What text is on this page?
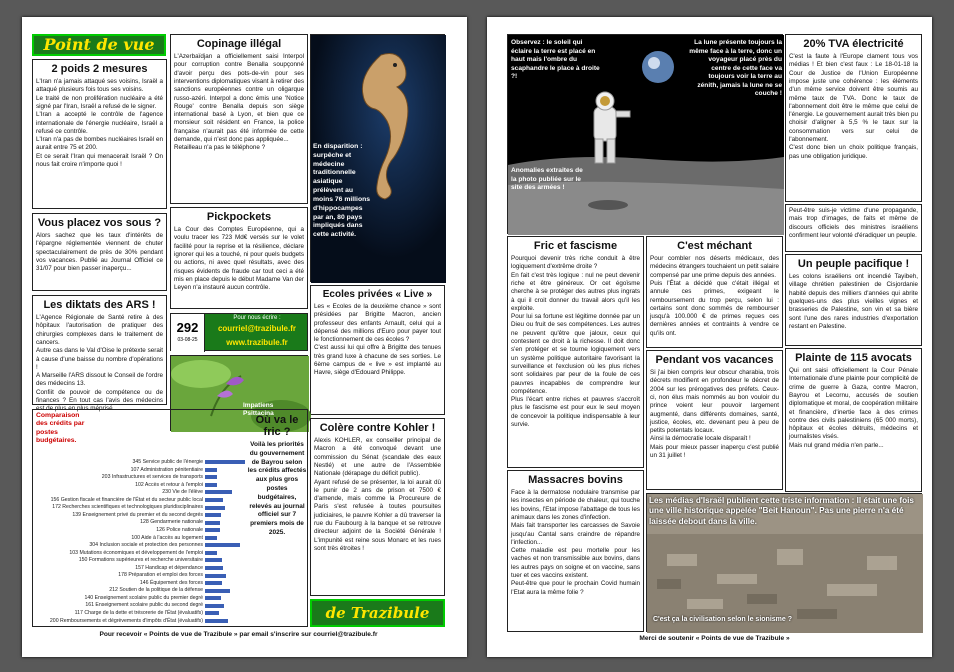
Point de vue
2 poids 2 mesures
L'Iran n'a jamais attaqué ses voisins, Israël a attaqué plusieurs fois tous ses voisins.
Le traité de non prolifération nucléaire a été signé par l'Iran, Israël a refusé de le signer.
L'Iran a accepté le contrôle de l'agence internationale de l'énergie nucléaire, Israël a refusé ce contrôle.
L'Iran n'a pas de bombes nucléaires Israël en aurait entre 75 et 200.
Et ce serait l'Iran qui menacerait Israël ? On nous fait croire n'importe quoi !
Vous placez vos sous ?
Alors sachez que les taux d'intérêts de l'épargne réglementée viennent de chuter spectaculairement de près de 30% pendant vos vacances. Publié au Journal Officiel ce 31/07 pour bien passer inaperçu...
Les diktats des ARS !
L'Agence Régionale de Santé retire à des hôpitaux l'autorisation de pratiquer des chirurgies complexes dans le traitement de cancers.
Autre cas dans le Val d'Oise le prétexte serait à cause d'une baisse du nombre d'opérations !
A Marseille l'ARS dissout le Conseil de l'ordre des médecins 13.
Confiit de pouvoir de compétence ou de finances ? En tout cas l'avis des médecins est de plus en plus méprisé.
Copinage illégal
L'Azerbaïdjan a officiellement saisi Interpol pour corruption contre Benalla soupçonné d'avoir perçu des pots-de-vin pour ses interventions diplomatiques visant à retirer des sanctions européennes contre un oligarque russo-azéri. Interpol a donc émis une 'Notice Rouge' contre Benalla depuis son siège international basé à Lyon, et bien que ce monsieur soit résident en France, la police française n'aurait pas été informée de cette demande, qui n'est donc pas appliquée...
Retailleau n'a pas le téléphone ?	En disparition : surpêche et médecine traditionnelle asiatique prélèvent au moins 76 millions d'hippocampes par an, 80 pays impliqués dans cette activité.
Pickpockets
La Cour des Comptes Européenne, qui a voulu tracer les 723 Md€ versés sur le volet facilité pour la reprise et la résilience, déclare ignorer qui les a touché, ni pour quels budgets ou actions, ni avec quel résultats, avec des risques évidents de fraude car tout ceci a été mis en place depuis le début Madame Van der Leyen n'a instauré aucun contrôle.
292
03-08-25
Pour nous écrire :
courriel@trazibule.fr
www.trazibule.fr
Ecoles privées « Live »
Les « Ecoles de la deuxième chance » sont présidées par Brigitte Macron, ancien professeur des enfants Arnault, celui qui a dépensé des millions d'Euro pour payer tout le fonctionnement de ces écoles ?
C'est aussi lui qui offre à Brigitte des tenues très grand luxe à chacune de ses sorties. Le 6ème campus de « live » est implanté au Havre, siège d'Edouard Philippe.
Impatiens Psittacina
Colère contre Kohler !
Alexis KOHLER, ex conseiller principal de Macron a été convoqué devant une commission du Sénat (scandale des eaux Nestlé) et une autre de l'Assemblée Nationale (dérapage du déficit public).
Ayant refusé de se présenter, la loi aurait dû le punir de 2 ans de prison et 7500 € d'amende, mais comme la Procureure de Paris s'est refusée à toutes poursuites judiciaires, le pauvre Kohler a dû traverser la rue du Faubourg à la banque et se retrouve directeur adjoint de la Société Générale ! L'impunité est reine sous Monarc et les rues sont très étroites !
Comparaison des crédits par postes budgétaires.
345 Service public de l'énergie
107 Administration pénitentiaire
203 Infrastructures et services de transports
102 Accès et retour à l'emploi
230 Vie de l'élève
156 Gestion fiscale et financière de l'État et du secteur public local
172 Recherches scientifiques et technologiques pluridisciplinaires
139 Enseignement privé du premier et du second degrés
128 Gendarmerie nationale
126 Police nationale
100 Aide à l'accès au logement
304 Inclusion sociale et protection des personnes
103 Mutations économiques et développement de l'emploi
150 Formations supérieures et recherche universitaire
157 Handicap et dépendance
178 Préparation et emploi des forces
146 Équipement des forces
212 Soutien de la politique de la défense
140 Enseignement scolaire public du premier degré
161 Enseignement scolaire public du second degré
117 Charge de la dette et trésorerie de l'État (évaluatifs)
200 Remboursements et dégrèvements d'impôts d'État (évaluatifs)
Où va le fric ?
Voilà les priorités du gouvernement de Bayrou selon les crédits affectés aux plus gros postes budgétaires, relevés au journal officiel sur 7 premiers mois de 2025.
de Trazibule
Pour recevoir « Points de vue de Trazibule » par email s'inscrire sur courriel@trazibule.fr
Observez : le soleil qui éclaire la terre est placé en haut mais l'ombre du scaphandre le place à droite ?!
La lune présente toujours la même face à la terre, donc un voyageur placé près du centre de cette face va toujours voir la terre au zénith, jamais la lune ne se couche !
Anomalies extraites de la photo publiée sur le site des armées !
20% TVA électricité
C'est la faute à l'Europe clament tous vos médias ! Et bien c'est faux : Le 18-01-18 la Cour de Justice de l'Union Européenne impose juste une cohérence : les éléments d'un même service doivent être soumis au même taux de TVA. Donc le taux de l'abonnement doit être le même que celui de l'énergie. Le gouvernement aurait très bien pu choisir d'aligner à 5,5 % le taux sur la consommation vers sur celui de l'abonnement.
C'est donc bien un choix politique français, pas une obligation juridique.
Peut-être suis-je victime d'une propagande, mais trop d'images, de faits et même de discours officiels des ministres israéliens confirment leur volonté d'éradiquer un peuple.
Un peuple pacifique !
Les colons israéliens ont incendié Tayibeh, village chrétien palestinien de Cisjordanie habité depuis des milliers d'années qui abrite quelques-uns des plus vieilles vignes et brasseries de Palestine, son vin et sa bière sont l'une des rares industries d'exportation restant en Palestine.
Plainte de 115 avocats
Qui ont saisi officiellement la Cour Pénale Internationale d'une plainte pour complicité de crime de guerre à Gaza, contre Macron, Bayrou et Lecornu, accusés de soutien diplomatique et moral, de coopération militaire et financière, d'inertie face à des crimes contre des civils palestiniens (65 000 morts), hôpitaux et écoles détruits, médecins et journalistes visés.
Mais nul grand média n'en parle...
Fric et fascisme
Pourquoi devenir très riche conduit à être logiquement d'extrême droite ?
En fait c'est très logique : nul ne peut devenir riche et être généreux. Or cet égoïsme cherche à se protéger des autres plus ingrats à qui il croit donner du travail alors qu'il les exploite.
Pour lui sa fortune est légitime donnée par un Dieu ou fruit de ses compétences. Les autres ne peuvent qu'être que jaloux, ceux qui contestent ce droit à la richesse. Il doit donc s'en protéger et se tourne logiquement vers un système politique autoritaire favorisant la surveillance et l'exclusion où les plus riches sont solidaires par peur de la foule de ces pauvres incapables de comprendre leur compétence.
Plus l'écart entre riches et pauvres s'accroît plus le fascisme est pour eux le seul moyen de concevoir la politique indispensable à leur survie.
C'est méchant
Pour combler nos déserts médicaux, des médecins étrangers touchaient un petit salaire compensé par une prime depuis des années.
Puis l'État a décidé que c'était illégal et annule ces primes, exigeant le remboursement du trop perçu, selon lui : certains sont donc sommés de rembourser jusqu'à 100.000 € de primes reçues ces dernières années et contraints à vendre ce qu'ils ont.
Pendant vos vacances
Si j'ai bien compris leur obscur charabia, trois décrets modifient en profondeur le décret de 2004 sur les prérogatives des préfets. Ceux-ci, non élus mais nommés au bon vouloir du prince voient leur pouvoir largement augmenté, dans différents domaines, santé, justice, écoles, etc. devenant peu à peu de petits potentats locaux.
Ainsi la démocratie locale disparaît !
Mais pour mieux passer inaperçu c'est publié un 31 juillet !
Massacres bovins
Face à la dermatose nodulaire transmise par les insectes en période de chaleur, qui touche les bovins, l'Etat impose l'abattage de tous les animaux dans les zones d'infection.
Mais fait transporter les carcasses de Savoie jusqu'au Cantal sans craindre de répandre l'infection...
Cette maladie est peu mortelle pour les vaches et non transmissible aux bovins, dans les autres pays on soigne et on vaccine, sans tuer et ces vaccins existent.
Peut-être que pour le prochain Covid humain l'Etat aura la même folie ?
Les médias d'Israël publient cette triste information : Il était une fois une ville historique appelée "Beit Hanoun". Pas une pierre n'a été laissée debout dans la ville.
C'est ça la civilisation selon le sionisme ?
Merci de soutenir « Points de vue de Trazibule »
